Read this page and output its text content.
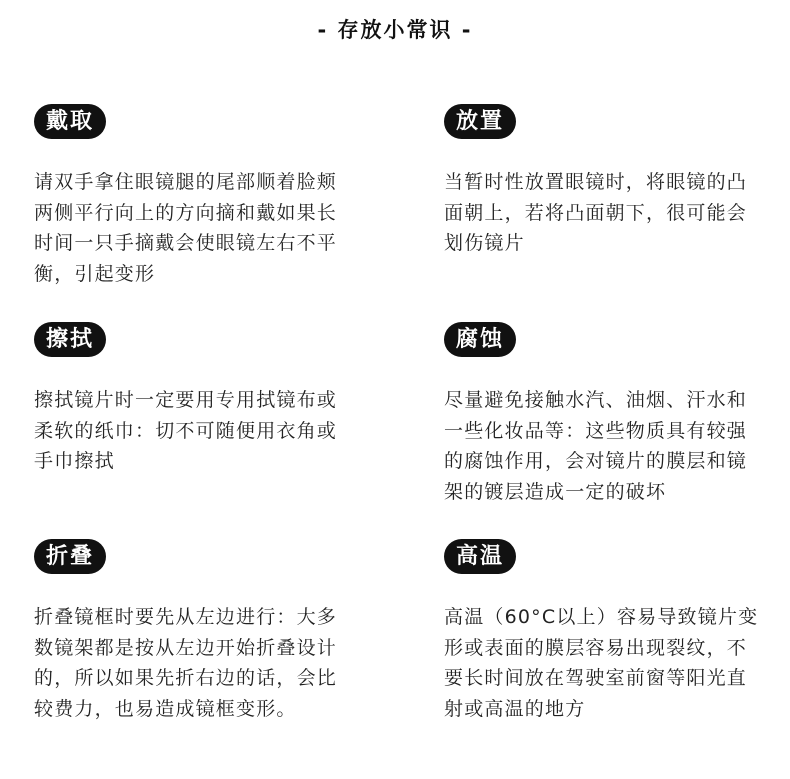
- 存放小常识 -
戴取
请双手拿住眼镜腿的尾部顺着脸颊两侧平行向上的方向摘和戴如果长时间一只手摘戴会使眼镜左右不平衡，引起变形
放置
当暂时性放置眼镜时，将眼镜的凸面朝上，若将凸面朝下，很可能会划伤镜片
擦拭
擦拭镜片时一定要用专用拭镜布或柔软的纸巾：切不可随便用衣角或手巾擦拭
腐蚀
尽量避免接触水汽、油烟、汗水和一些化妆品等：这些物质具有较强的腐蚀作用，会对镜片的膜层和镜架的镀层造成一定的破坏
折叠
折叠镜框时要先从左边进行：大多数镜架都是按从左边开始折叠设计的，所以如果先折右边的话，会比较费力，也易造成镜框变形。
高温
高温（60°C以上）容易导致镜片变形或表面的膜层容易出现裂纹，不要长时间放在驾驶室前窗等阳光直射或高温的地方
